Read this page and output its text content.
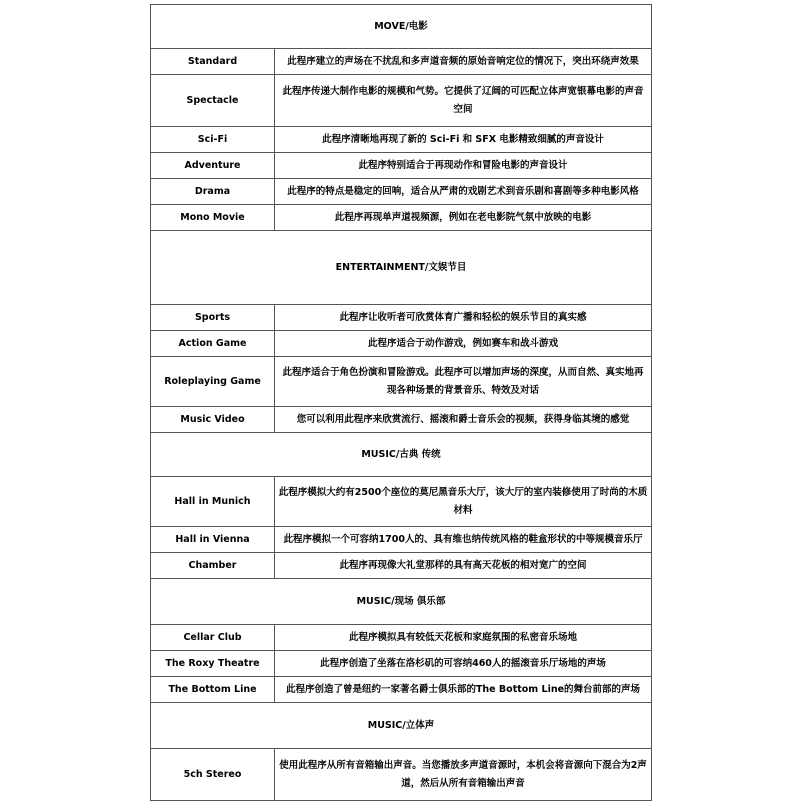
MOVE/电影	
Standard	此程序建立的声场在不扰乱和多声道音频的原始音响定位的情况下，突出环绕声效果
Spectacle	此程序传递大制作电影的规模和气势。它提供了辽阔的可匹配立体声宽银幕电影的声音空间
Sci-Fi	此程序清晰地再现了新的 Sci-Fi 和 SFX 电影精致细腻的声音设计
Adventure	此程序特别适合于再现动作和冒险电影的声音设计
Drama	此程序的特点是稳定的回响，适合从严肃的戏剧艺术到音乐剧和喜剧等多种电影风格
Mono Movie	此程序再现单声道视频源，例如在老电影院气氛中放映的电影
ENTERTAINMENT/文娱节目	
Sports	此程序让收听者可欣赏体育广播和轻松的娱乐节目的真实感
Action Game	此程序适合于动作游戏，例如赛车和战斗游戏
Roleplaying Game	此程序适合于角色扮演和冒险游戏。此程序可以增加声场的深度，从而自然、真实地再现各种场景的背景音乐、特效及对话
Music Video	您可以利用此程序来欣赏流行、摇滚和爵士音乐会的视频，获得身临其境的感觉
MUSIC/古典 传统	
Hall in Munich	此程序模拟大约有2500个座位的莫尼黑音乐大厅，该大厅的室内装修使用了时尚的木质材料
Hall in Vienna	此程序模拟一个可容纳1700人的、具有维也纳传统风格的鞋盒形状的中等规模音乐厅
Chamber	此程序再现像大礼堂那样的具有高天花板的相对宽广的空间
MUSIC/现场 俱乐部	
Cellar Club	此程序模拟具有较低天花板和家庭氛围的私密音乐场地
The Roxy Theatre	此程序创造了坐落在洛杉矶的可容纳460人的摇滚音乐厅场地的声场
The Bottom Line	此程序创造了曾是纽约一家著名爵士俱乐部的The Bottom Line的舞台前部的声场
MUSIC/立体声	
5ch Stereo	使用此程序从所有音箱输出声音。当您播放多声道音源时，本机会将音源向下混合为2声道，然后从所有音箱输出声音
